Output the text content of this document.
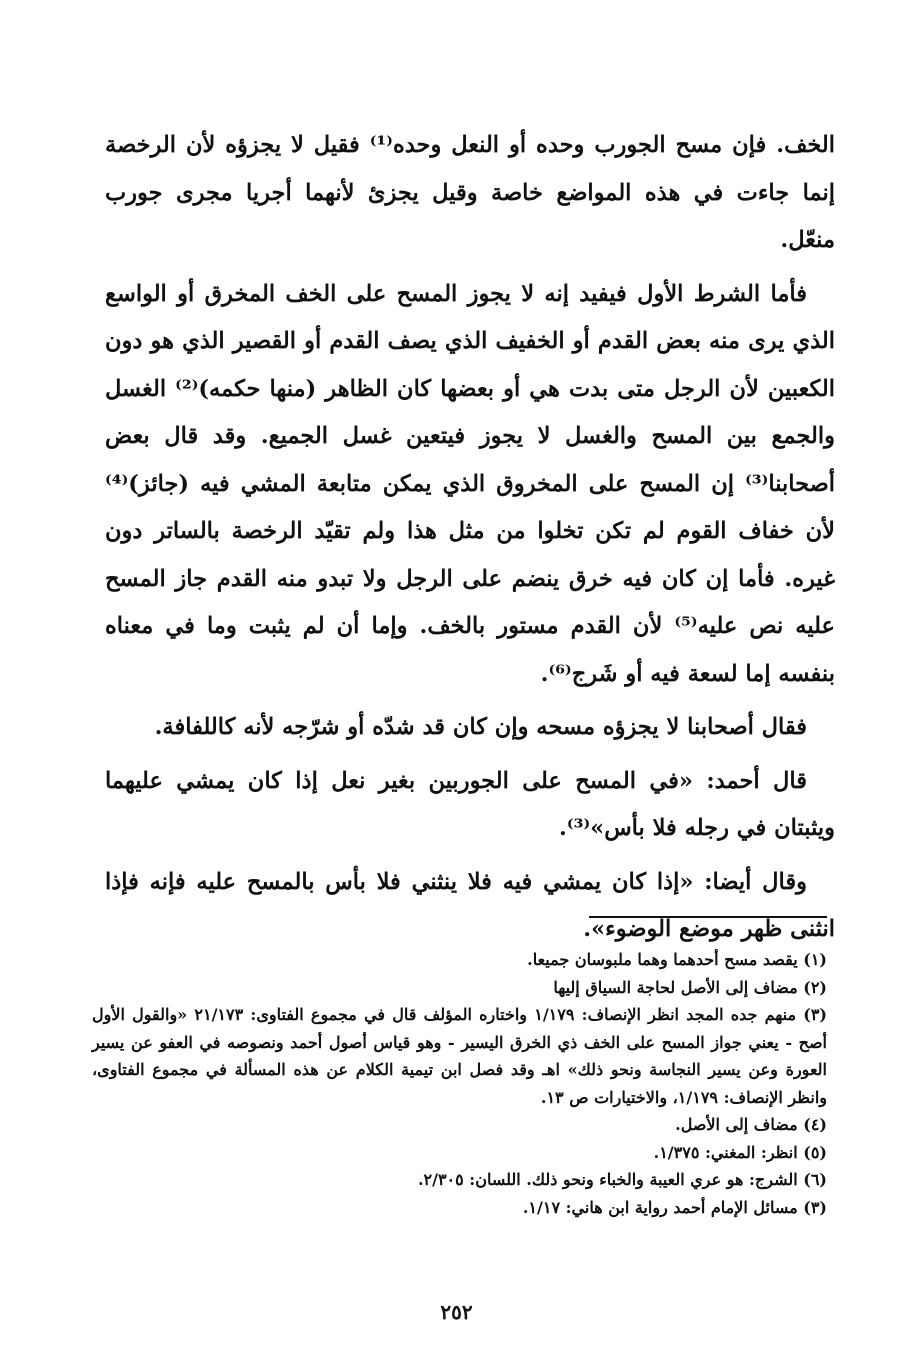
الخف. فإن مسح الجورب وحده أو النعل وحده⁽¹⁾ فقيل لا يجزؤه لأن الرخصة إنما جاءت في هذه المواضع خاصة وقيل يجزئ لأنهما أجريا مجرى جورب منعّل.

فأما الشرط الأول فيفيد إنه لا يجوز المسح على الخف المخرق أو الواسع الذي يرى منه بعض القدم أو الخفيف الذي يصف القدم أو القصير الذي هو دون الكعبين لأن الرجل متى بدت هي أو بعضها كان الظاهر (منها حكمه)⁽²⁾ الغسل والجمع بين المسح والغسل لا يجوز فيتعين غسل الجميع. وقد قال بعض أصحابنا⁽³⁾ إن المسح على المخروق الذي يمكن متابعة المشي فيه (جائز)⁽⁴⁾ لأن خفاف القوم لم تكن تخلوا من مثل هذا ولم تقيّد الرخصة بالساتر دون غيره. فأما إن كان فيه خرق ينضم على الرجل ولا تبدو منه القدم جاز المسح عليه نص عليه⁽⁵⁾ لأن القدم مستور بالخف. وإما أن لم يثبت وما في معناه بنفسه إما لسعة فيه أو شَرج⁽⁶⁾.

فقال أصحابنا لا يجزؤه مسحه وإن كان قد شدّه أو شرّجه لأنه كاللفافة.

قال أحمد: «في المسح على الجوربين بغير نعل إذا كان يمشي عليهما ويثبتان في رجله فلا بأس»⁽³⁾.

وقال أيضا: «إذا كان يمشي فيه فلا ينثني فلا بأس بالمسح عليه فإنه فإذا انثنى ظهر موضع الوضوء».

(١) يقصد مسح أحدهما وهما ملبوسان جميعا.

(٢) مضاف إلى الأصل لحاجة السياق إليها

(٣) منهم جده المجد انظر الإنصاف: ١/١٧٩ واختاره المؤلف قال في مجموع الفتاوى: ٢١/١٧٣ «والقول الأول أصح - يعني جواز المسح على الخف ذي الخرق اليسير - وهو قياس أصول أحمد ونصوصه في العفو عن يسير العورة وعن يسير النجاسة ونحو ذلك» اهـ وقد فصل ابن تيمية الكلام عن هذه المسألة في مجموع الفتاوى، وانظر الإنصاف: ١/١٧٩، والاختيارات ص ١٣.

(٤) مضاف إلى الأصل.

(٥) انظر: المغني: ١/٣٧٥.

(٦) الشرج: هو عري العيبة والخباء ونحو ذلك. اللسان: ٢/٣٠٥.

(٣) مسائل الإمام أحمد رواية ابن هاني: ١/١٧.

٢٥٢
